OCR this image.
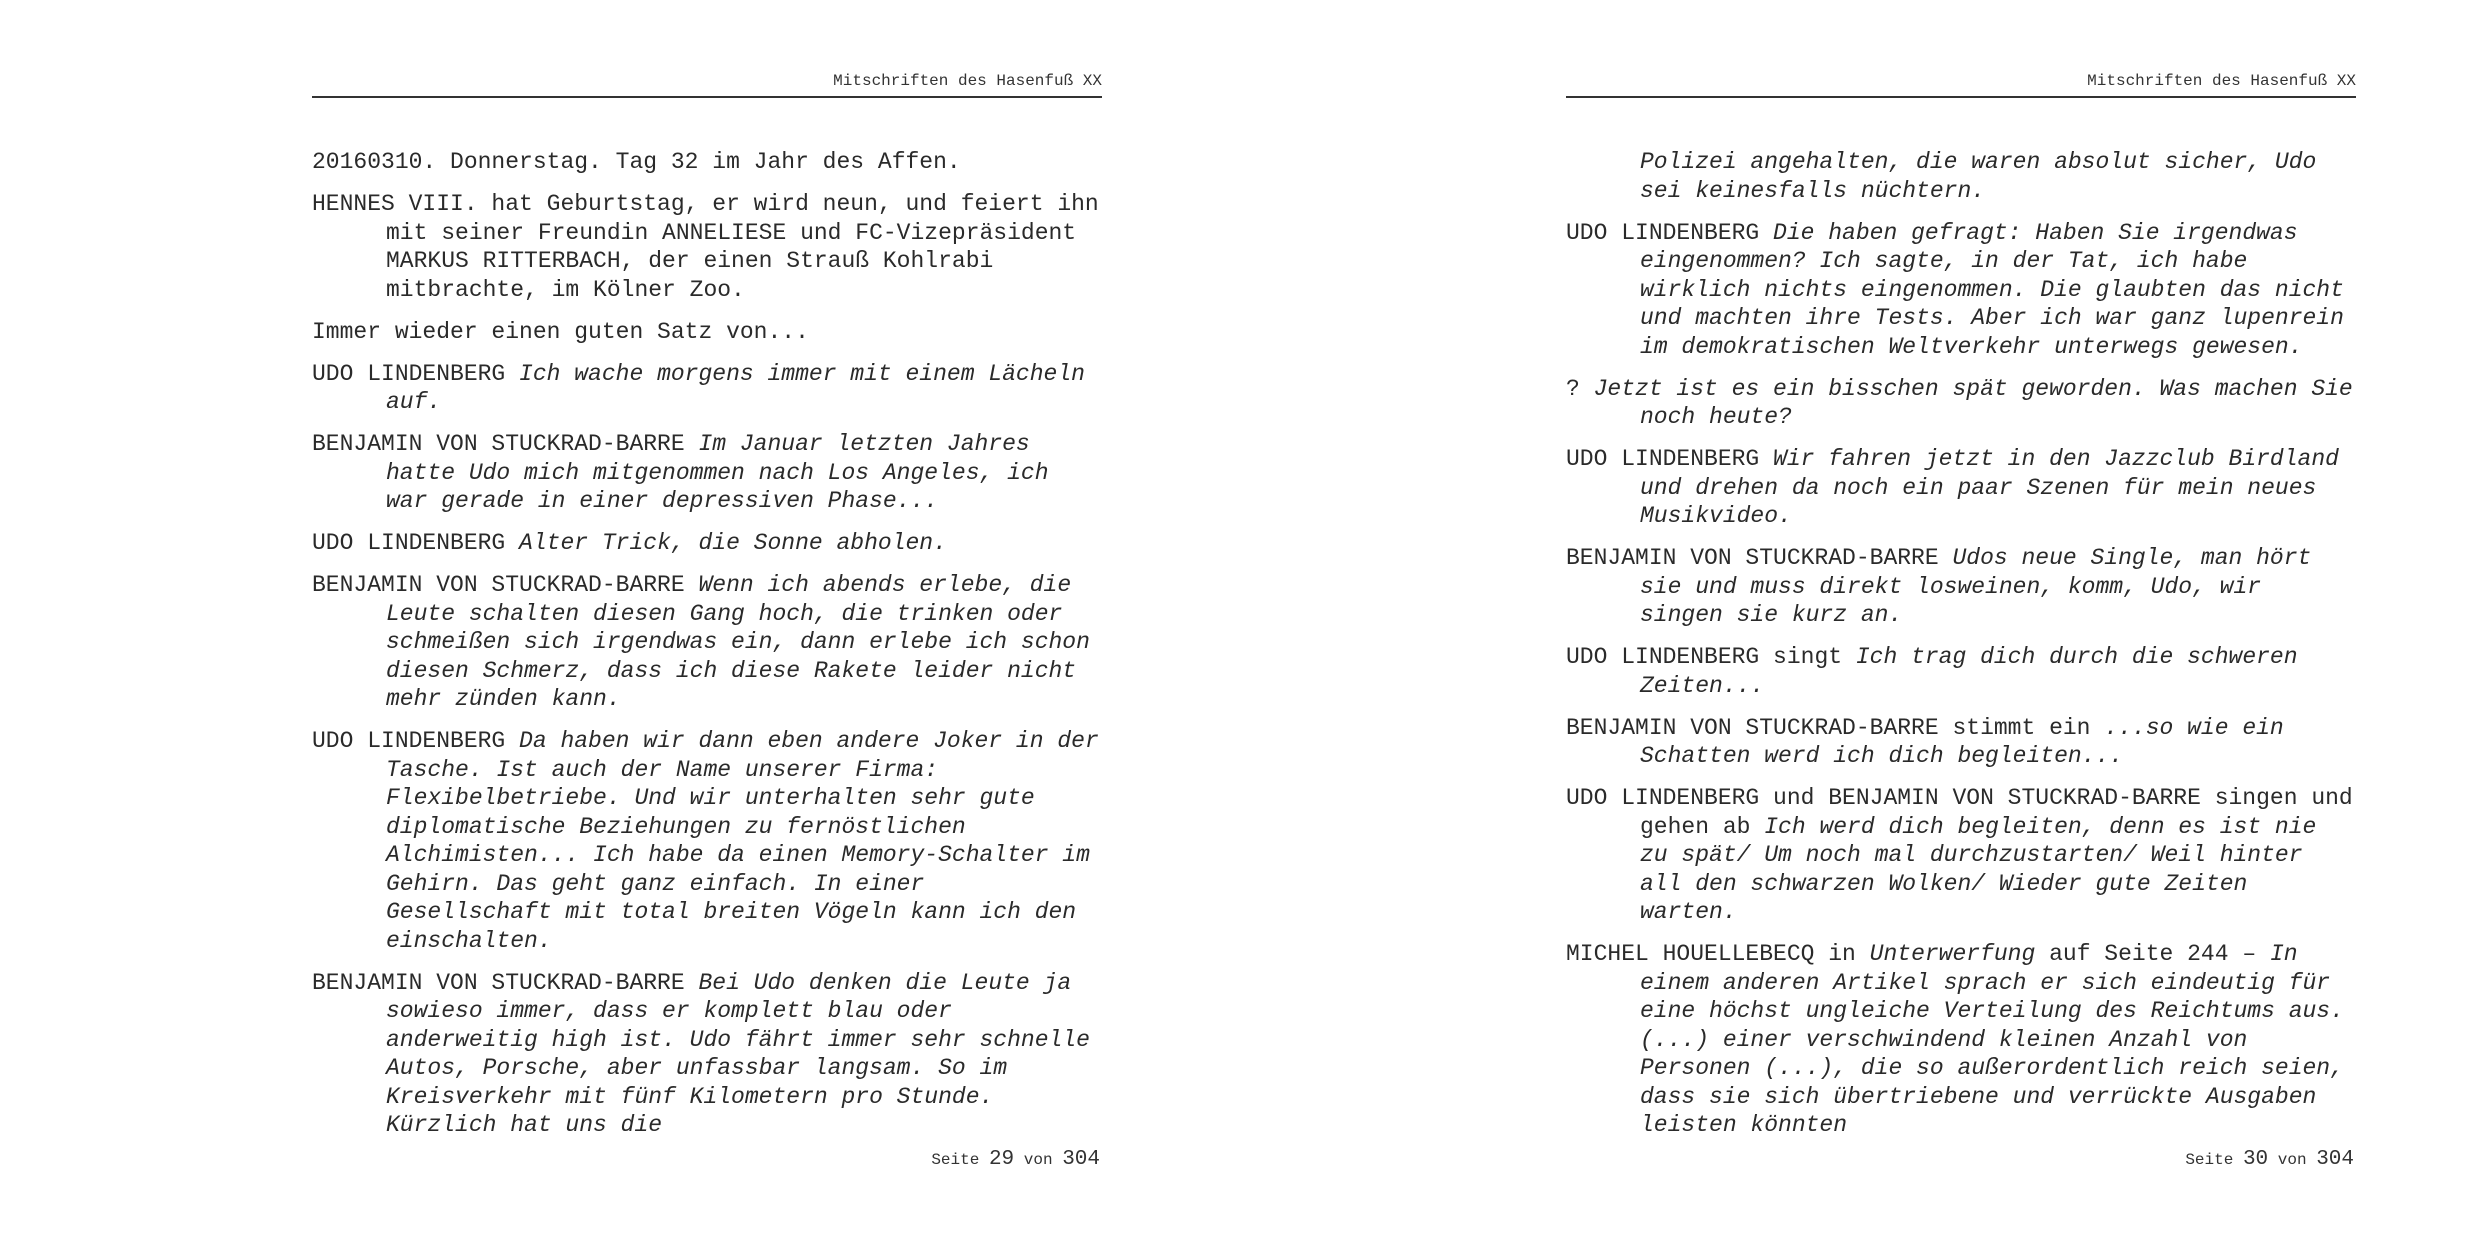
Mitschriften des Hasenfuß XX

20160310. Donnerstag. Tag 32 im Jahr des Affen.

HENNES VIII. hat Geburtstag, er wird neun, und feiert ihn mit seiner Freundin ANNELIESE und FC-Vizepräsident MARKUS RITTERBACH, der einen Strauß Kohlrabi mitbrachte, im Kölner Zoo.

Immer wieder einen guten Satz von...

UDO LINDENBERG Ich wache morgens immer mit einem Lächeln auf.

BENJAMIN VON STUCKRAD-BARRE Im Januar letzten Jahres hatte Udo mich mitgenommen nach Los Angeles, ich war gerade in einer depressiven Phase...

UDO LINDENBERG Alter Trick, die Sonne abholen.

BENJAMIN VON STUCKRAD-BARRE Wenn ich abends erlebe, die Leute schalten diesen Gang hoch, die trinken oder schmeißen sich irgendwas ein, dann erlebe ich schon diesen Schmerz, dass ich diese Rakete leider nicht mehr zünden kann.

UDO LINDENBERG Da haben wir dann eben andere Joker in der Tasche. Ist auch der Name unserer Firma: Flexibelbetriebe. Und wir unterhalten sehr gute diplomatische Beziehungen zu fernöstlichen Alchimisten... Ich habe da einen Memory-Schalter im Gehirn. Das geht ganz einfach. In einer Gesellschaft mit total breiten Vögeln kann ich den einschalten.

BENJAMIN VON STUCKRAD-BARRE Bei Udo denken die Leute ja sowieso immer, dass er komplett blau oder anderweitig high ist. Udo fährt immer sehr schnelle Autos, Porsche, aber unfassbar langsam. So im Kreisverkehr mit fünf Kilometern pro Stunde. Kürzlich hat uns die

Seite 29 von 304
Mitschriften des Hasenfuß XX

Polizei angehalten, die waren absolut sicher, Udo sei keinesfalls nüchtern.

UDO LINDENBERG Die haben gefragt: Haben Sie irgendwas eingenommen? Ich sagte, in der Tat, ich habe wirklich nichts eingenommen. Die glaubten das nicht und machten ihre Tests. Aber ich war ganz lupenrein im demokratischen Weltverkehr unterwegs gewesen.

? Jetzt ist es ein bisschen spät geworden. Was machen Sie noch heute?

UDO LINDENBERG Wir fahren jetzt in den Jazzclub Birdland und drehen da noch ein paar Szenen für mein neues Musikvideo.

BENJAMIN VON STUCKRAD-BARRE Udos neue Single, man hört sie und muss direkt losweinen, komm, Udo, wir singen sie kurz an.

UDO LINDENBERG singt Ich trag dich durch die schweren Zeiten...

BENJAMIN VON STUCKRAD-BARRE stimmt ein ...so wie ein Schatten werd ich dich begleiten...

UDO LINDENBERG und BENJAMIN VON STUCKRAD-BARRE singen und gehen ab Ich werd dich begleiten, denn es ist nie zu spät/ Um noch mal durchzustarten/ Weil hinter all den schwarzen Wolken/ Wieder gute Zeiten warten.

MICHEL HOUELLEBECQ in Unterwerfung auf Seite 244 – In einem anderen Artikel sprach er sich eindeutig für eine höchst ungleiche Verteilung des Reichtums aus. (...) einer verschwindend kleinen Anzahl von Personen (...), die so außerordentlich reich seien, dass sie sich übertriebene und verrückte Ausgaben leisten könnten

Seite 30 von 304
